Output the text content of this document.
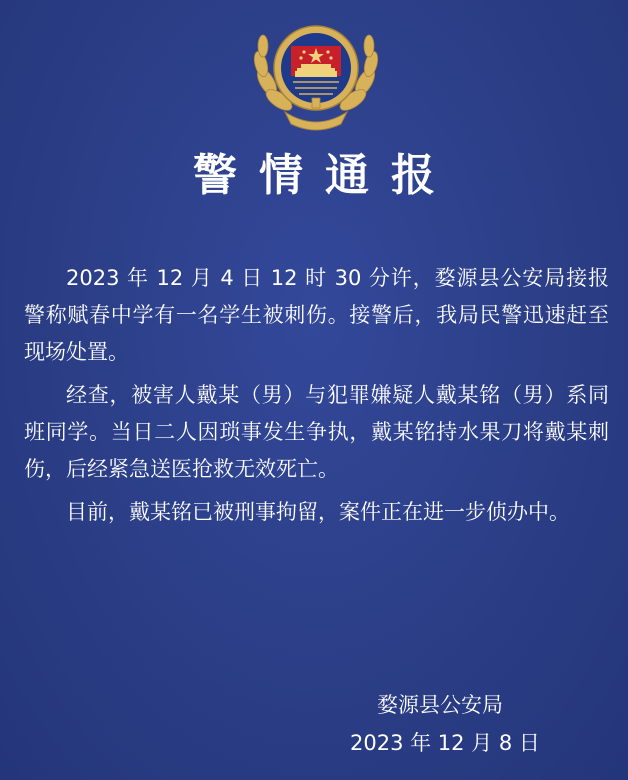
警情通报

2023 年 12 月 4 日 12 时 30 分许，婺源县公安局接报警称赋春中学有一名学生被刺伤。接警后，我局民警迅速赶至现场处置。

经查，被害人戴某（男）与犯罪嫌疑人戴某铭（男）系同班同学。当日二人因琐事发生争执，戴某铭持水果刀将戴某刺伤，后经紧急送医抢救无效死亡。

目前，戴某铭已被刑事拘留，案件正在进一步侦办中。

婺源县公安局
2023 年 12 月 8 日
